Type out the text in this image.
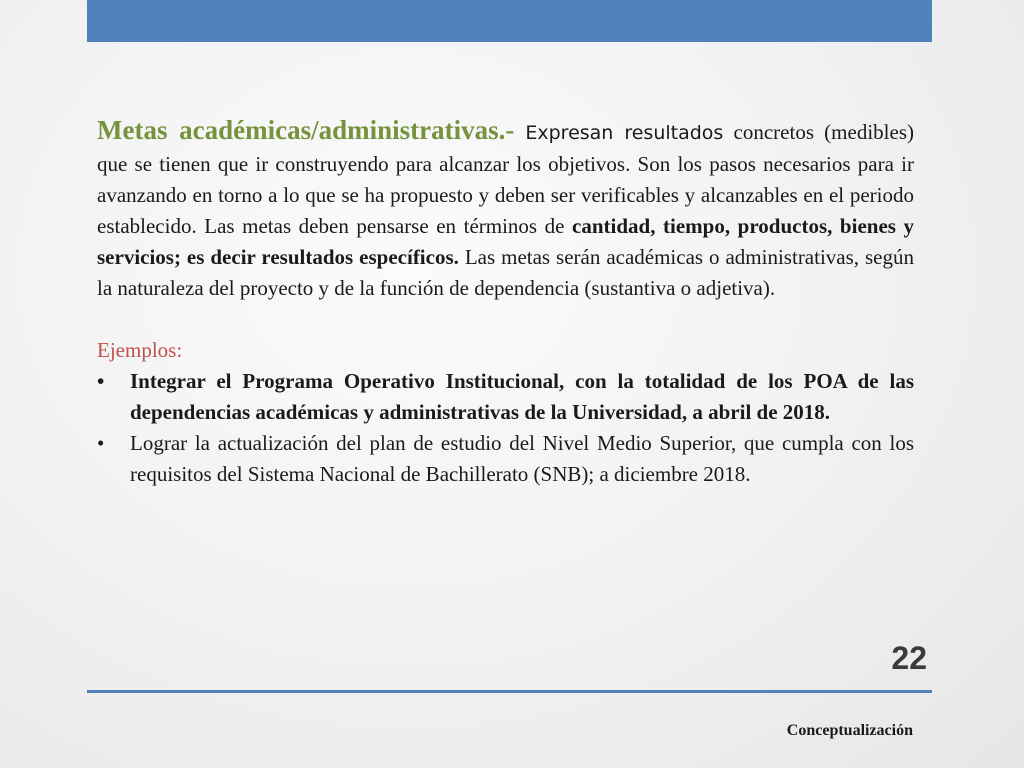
Metas académicas/administrativas.- Expresan resultados concretos (medibles) que se tienen que ir construyendo para alcanzar los objetivos. Son los pasos necesarios para ir avanzando en torno a lo que se ha propuesto y deben ser verificables y alcanzables en el periodo establecido. Las metas deben pensarse en términos de cantidad, tiempo, productos, bienes y servicios; es decir resultados específicos. Las metas serán académicas o administrativas, según la naturaleza del proyecto y de la función de dependencia (sustantiva o adjetiva).

Ejemplos:

• Integrar el Programa Operativo Institucional, con la totalidad de los POA de las dependencias académicas y administrativas de la Universidad, a abril de 2018.
• Lograr la actualización del plan de estudio del Nivel Medio Superior, que cumpla con los requisitos del Sistema Nacional de Bachillerato (SNB); a diciembre 2018.
22
Conceptualización
